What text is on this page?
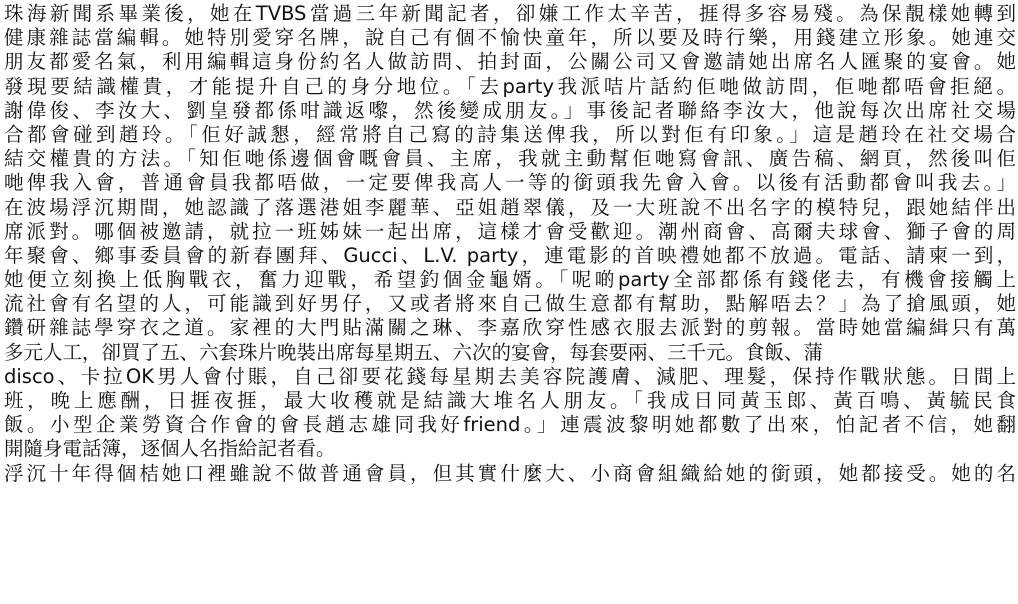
珠海新聞系畢業後，她在TVBS當過三年新聞記者，卻嫌工作太辛苦，捱得多容易殘。為保靚樣她轉到
健康雜誌當編輯。她特別愛穿名牌，說自己有個不愉快童年，所以要及時行樂，用錢建立形象。她連交
朋友都愛名氣，利用編輯這身份約名人做訪問、拍封面，公關公司又會邀請她出席名人匯聚的宴會。她
發現要結識權貴，才能提升自己的身分地位。「去party我派咭片話約佢哋做訪問，佢哋都唔會拒絕。
謝偉俊、李汝大、劉皇發都係咁識返嚟，然後變成朋友。」事後記者聯絡李汝大，他說每次出席社交場
合都會碰到趙玲。「佢好誠懇，經常將自己寫的詩集送俾我，所以對佢有印象。」這是趙玲在社交場合
結交權貴的方法。「知佢哋係邊個會嘅會員、主席，我就主動幫佢哋寫會訊、廣告稿、網頁，然後叫佢
哋俾我入會，普通會員我都唔做，一定要俾我高人一等的銜頭我先會入會。以後有活動都會叫我去。」
在波場浮沉期間，她認識了落選港姐李麗華、亞姐趙翠儀，及一大班說不出名字的模特兒，跟她結伴出
席派對。哪個被邀請，就拉一班姊妹一起出席，這樣才會受歡迎。潮州商會、高爾夫球會、獅子會的周
年聚會、鄉事委員會的新春團拜、Gucci、L.V. party，連電影的首映禮她都不放過。電話、請柬一到，
她便立刻換上低胸戰衣，奮力迎戰，希望釣個金龜婿。「呢啲party全部都係有錢佬去，有機會接觸上
流社會有名望的人，可能識到好男仔，又或者將來自己做生意都有幫助，點解唔去？」為了搶風頭，她
鑽研雜誌學穿衣之道。家裡的大門貼滿關之琳、李嘉欣穿性感衣服去派對的剪報。當時她當編緝只有萬
多元人工，卻買了五、六套珠片晚裝出席每星期五、六次的宴會，每套要兩、三千元。食飯、蒲
disco、卡拉OK男人會付賬，自己卻要花錢每星期去美容院護膚、減肥、理髮，保持作戰狀態。日間上
班，晚上應酬，日捱夜捱，最大收穫就是結識大堆名人朋友。「我成日同黃玉郎、黃百鳴、黃毓民食
飯。小型企業勞資合作會的會長趙志雄同我好friend。」連震波黎明她都數了出來，怕記者不信，她翻
開隨身電話簿，逐個人名指給記者看。
浮沉十年得個桔她口裡雖說不做普通會員，但其實什麼大、小商會組織給她的銜頭，她都接受。她的名
